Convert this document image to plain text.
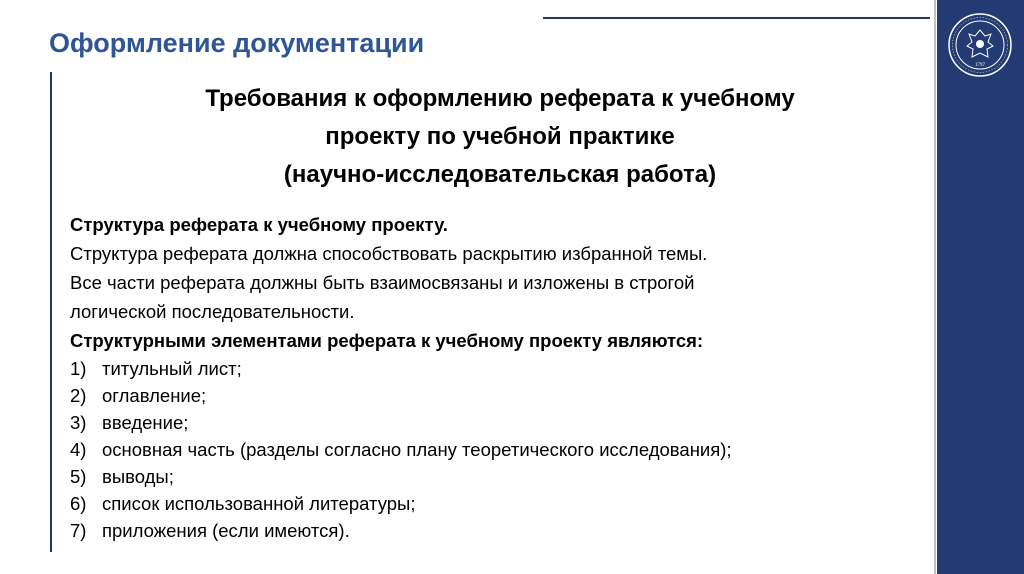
1797
Оформление документации
Требования к оформлению реферата к учебному
проекту по учебной практике
(научно-исследовательская работа)

Структура реферата к учебному проекту.

Структура реферата должна способствовать раскрытию избранной темы.

Все части реферата должны быть взаимосвязаны и изложены в строгой

логической последовательности.

Структурными элементами реферата к учебному проекту являются:

1) титульный лист;
2) оглавление;
3) введение;
4) основная часть (разделы согласно плану теоретического исследования);
5) выводы;
6) список использованной литературы;
7) приложения (если имеются).
